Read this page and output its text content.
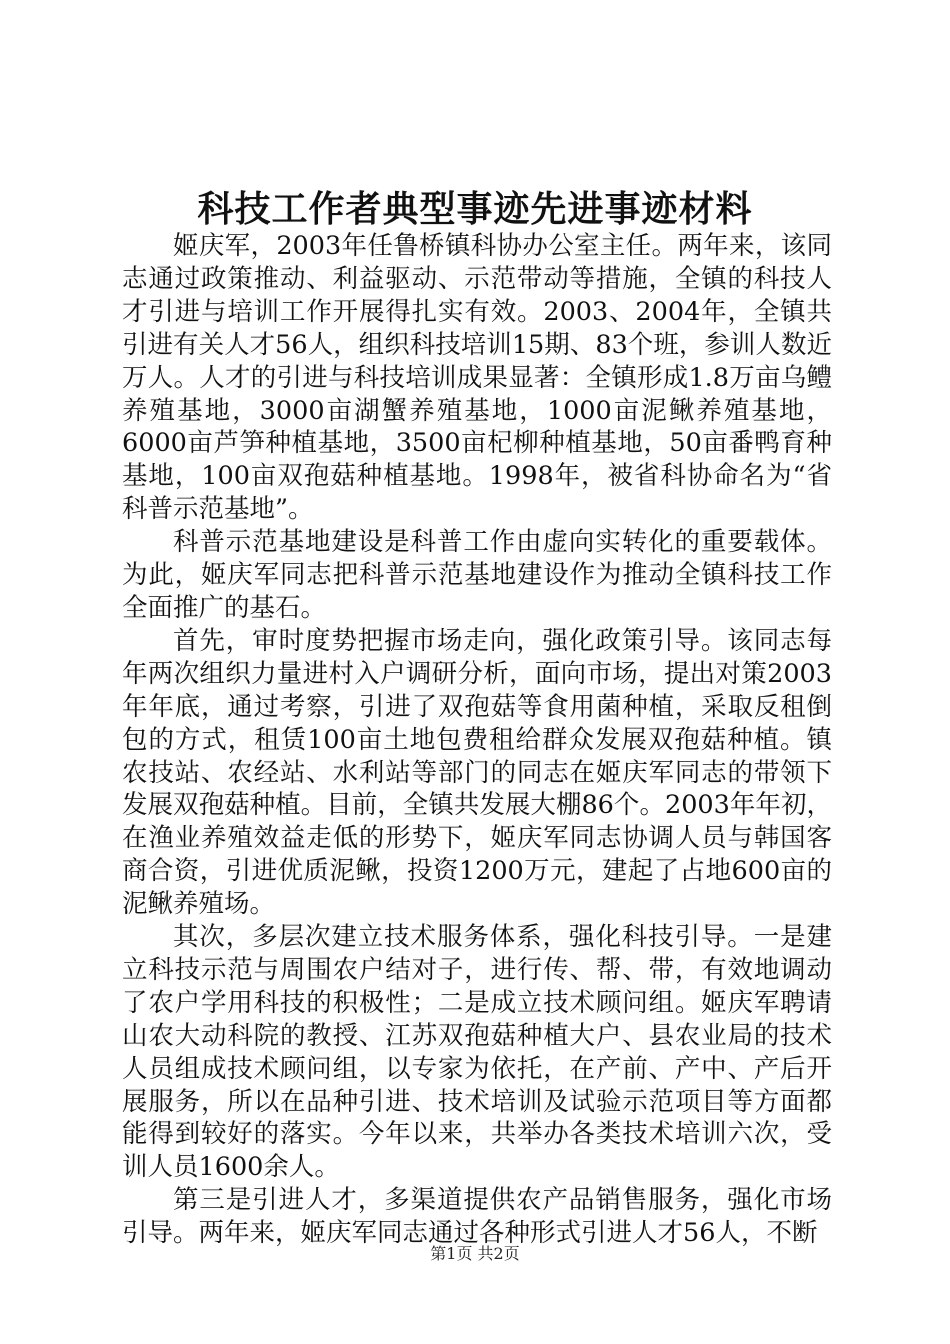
科技工作者典型事迹先进事迹材料

姬庆军，2003年任鲁桥镇科协办公室主任。两年来，该同志通过政策推动、利益驱动、示范带动等措施，全镇的科技人才引进与培训工作开展得扎实有效。2003、2004年，全镇共引进有关人才56人，组织科技培训15期、83个班，参训人数近万人。人才的引进与科技培训成果显著：全镇形成1.8万亩乌鳢养殖基地，3000亩湖蟹养殖基地，1000亩泥鳅养殖基地，6000亩芦笋种植基地，3500亩杞柳种植基地，50亩番鸭育种基地，100亩双孢菇种植基地。1998年，被省科协命名为“省科普示范基地”。

科普示范基地建设是科普工作由虚向实转化的重要载体。为此，姬庆军同志把科普示范基地建设作为推动全镇科技工作全面推广的基石。

首先，审时度势把握市场走向，强化政策引导。该同志每年两次组织力量进村入户调研分析，面向市场，提出对策2003年年底，通过考察，引进了双孢菇等食用菌种植，采取反租倒包的方式，租赁100亩土地包费租给群众发展双孢菇种植。镇农技站、农经站、水利站等部门的同志在姬庆军同志的带领下发展双孢菇种植。目前，全镇共发展大棚86个。2003年年初，在渔业养殖效益走低的形势下，姬庆军同志协调人员与韩国客商合资，引进优质泥鳅，投资1200万元，建起了占地600亩的泥鳅养殖场。

其次，多层次建立技术服务体系，强化科技引导。一是建立科技示范与周围农户结对子，进行传、帮、带，有效地调动了农户学用科技的积极性；二是成立技术顾问组。姬庆军聘请山农大动科院的教授、江苏双孢菇种植大户、县农业局的技术人员组成技术顾问组，以专家为依托，在产前、产中、产后开展服务，所以在品种引进、技术培训及试验示范项目等方面都能得到较好的落实。今年以来，共举办各类技术培训六次，受训人员1600余人。

第三是引进人才，多渠道提供农产品销售服务，强化市场引导。两年来，姬庆军同志通过各种形式引进人才56人，不断

第1页 共2页
